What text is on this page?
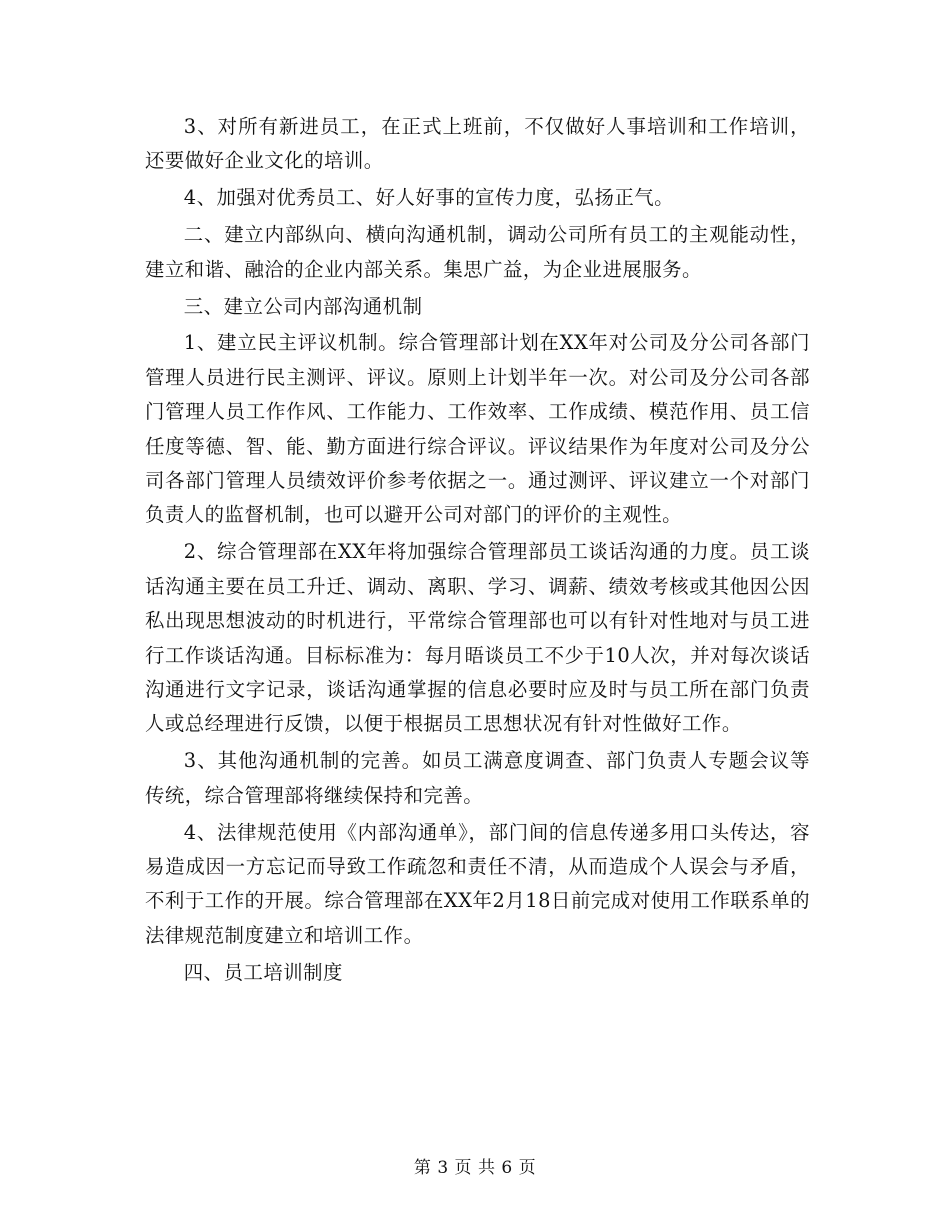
3、对所有新进员工，在正式上班前，不仅做好人事培训和工作培训，还要做好企业文化的培训。

4、加强对优秀员工、好人好事的宣传力度，弘扬正气。

二、建立内部纵向、横向沟通机制，调动公司所有员工的主观能动性，建立和谐、融洽的企业内部关系。集思广益，为企业进展服务。

三、建立公司内部沟通机制

1、建立民主评议机制。综合管理部计划在XX年对公司及分公司各部门管理人员进行民主测评、评议。原则上计划半年一次。对公司及分公司各部门管理人员工作作风、工作能力、工作效率、工作成绩、模范作用、员工信任度等德、智、能、勤方面进行综合评议。评议结果作为年度对公司及分公司各部门管理人员绩效评价参考依据之一。通过测评、评议建立一个对部门负责人的监督机制，也可以避开公司对部门的评价的主观性。

2、综合管理部在XX年将加强综合管理部员工谈话沟通的力度。员工谈话沟通主要在员工升迁、调动、离职、学习、调薪、绩效考核或其他因公因私出现思想波动的时机进行，平常综合管理部也可以有针对性地对与员工进行工作谈话沟通。目标标准为：每月晤谈员工不少于10人次，并对每次谈话沟通进行文字记录，谈话沟通掌握的信息必要时应及时与员工所在部门负责人或总经理进行反馈，以便于根据员工思想状况有针对性做好工作。

3、其他沟通机制的完善。如员工满意度调查、部门负责人专题会议等传统，综合管理部将继续保持和完善。

4、法律规范使用《内部沟通单》，部门间的信息传递多用口头传达，容易造成因一方忘记而导致工作疏忽和责任不清，从而造成个人误会与矛盾，不利于工作的开展。综合管理部在XX年2月18日前完成对使用工作联系单的法律规范制度建立和培训工作。

四、员工培训制度

第 3 页 共 6 页
